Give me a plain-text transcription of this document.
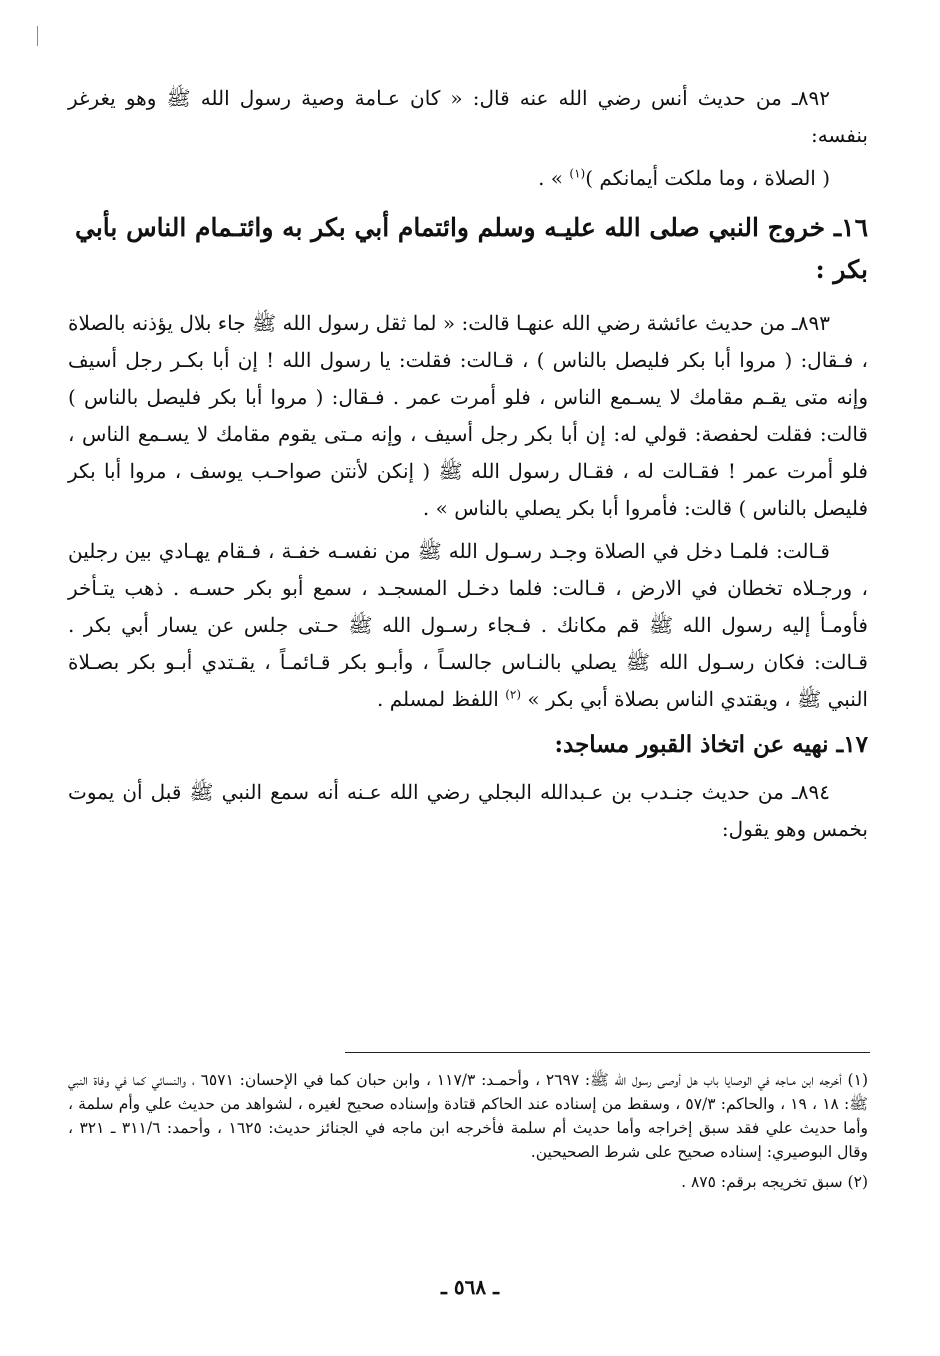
٨٩٢ـ من حديث أنس رضي الله عنه قال: « كان عـامة وصية رسول الله ﷺ وهو يغرغر بنفسه:

( الصلاة ، وما ملكت أيمانكم )$^{(١)}$ » .

١٦ـ خروج النبي صلى الله عليـه وسلم وائتمام أبي بكر به وائتـمام الناس بأبي بكر :

٨٩٣ـ من حديث عائشة رضي الله عنهـا قالت: « لما ثقل رسول الله ﷺ جاء بلال يؤذنه بالصلاة ، فـقال: ( مروا أبا بكر فليصل بالناس ) ، قـالت: فقلت: يا رسول الله ! إن أبا بكـر رجل أسيف وإنه متى يقـم مقامك لا يسـمع الناس ، فلو أمرت عمر . فـقال: ( مروا أبا بكر فليصل بالناس ) قالت: فقلت لحفصة: قولي له: إن أبا بكر رجل أسيف ، وإنه مـتى يقوم مقامك لا يسـمع الناس ، فلو أمرت عمر ! فقـالت له ، فقـال رسول الله ﷺ ( إنكن لأنتن صواحـب يوسف ، مروا أبا بكر فليصل بالناس ) قالت: فأمروا أبا بكر يصلي بالناس » .

قـالت: فلمـا دخل في الصلاة وجـد رسـول الله ﷺ من نفسـه خفـة ، فـقام يهـادي بين رجلين ، ورجـلاه تخطان في الارض ، قـالت: فلما دخـل المسجـد ، سمع أبو بكر حسـه . ذهب يتـأخر فأومـأ إليه رسول الله ﷺ قم مكانك . فـجاء رسـول الله ﷺ حـتى جلس عن يسار أبي بكر . قـالت: فكان رسـول الله ﷺ يصلي بالنـاس جالسـاً ، وأبـو بكر قـائمـاً ، يقـتدي أبـو بكر بصـلاة النبي ﷺ ، ويقتدي الناس بصلاة أبي بكر » $^{(٢)}$ اللفظ لمسلم .

١٧ـ نهيه عن اتخاذ القبور مساجد:

٨٩٤ـ من حديث جنـدب بن عـبدالله البجلي رضي الله عـنه أنه سمع النبي ﷺ قبل أن يموت بخمس وهو يقول:

(١) أخرجه ابن مـاجه في الوصايا باب هل أوصى رسول الله ﷺ: ٢٦٩٧ ، وأحمـد: ١١٧/٣ ، وابن حبان كما في الإحسان: ٦٥٧١ ، والنسائي كما في وفاة النبي ﷺ: ١٨ ، ١٩ ، والحاكم: ٥٧/٣ ، وسقط من إسناده عند الحاكم قتادة وإسناده صحيح لغيره ، لشواهد من حديث علي وأم سلمة ، وأما حديث علي فقد سبق إخراجه وأما حديث أم سلمة فأخرجه ابن ماجه في الجنائز حديث: ١٦٢٥ ، وأحمد: ٣١١/٦ ـ ٣٢١ ، وقال البوصيري: إسناده صحيح على شرط الصحيحين.

(٢) سبق تخريجه برقم: ٨٧٥ .

ـ ٥٦٨ ـ
